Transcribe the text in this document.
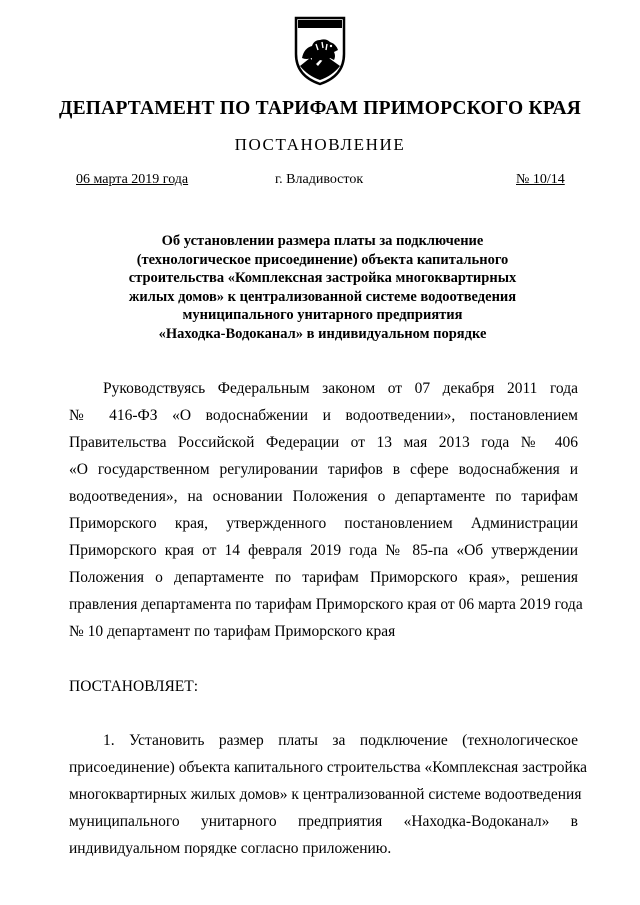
ДЕПАРТАМЕНТ ПО ТАРИФАМ ПРИМОРСКОГО КРАЯ
ПОСТАНОВЛЕНИЕ
06 марта 2019 года	г. Владивосток	№ 10/14
Об установлении размера платы за подключение
(технологическое присоединение) объекта капитального
строительства «Комплексная застройка многоквартирных
жилых домов» к централизованной системе водоотведения
муниципального унитарного предприятия
«Находка-Водоканал» в индивидуальном порядке
Руководствуясь Федеральным законом от 07 декабря 2011 года
№ 416-ФЗ «О водоснабжении и водоотведении», постановлением
Правительства Российской Федерации от 13 мая 2013 года № 406
«О государственном регулировании тарифов в сфере водоснабжения и
водоотведения», на основании Положения о департаменте по тарифам
Приморского края, утвержденного постановлением Администрации
Приморского края от 14 февраля 2019 года № 85-па «Об утверждении
Положения о департаменте по тарифам Приморского края», решения
правления департамента по тарифам Приморского края от 06 марта 2019 года
№ 10 департамент по тарифам Приморского края
ПОСТАНОВЛЯЕТ:
1. Установить размер платы за подключение (технологическое
присоединение) объекта капитального строительства «Комплексная застройка
многоквартирных жилых домов» к централизованной системе водоотведения
муниципального унитарного предприятия «Находка-Водоканал» в
индивидуальном порядке согласно приложению.
